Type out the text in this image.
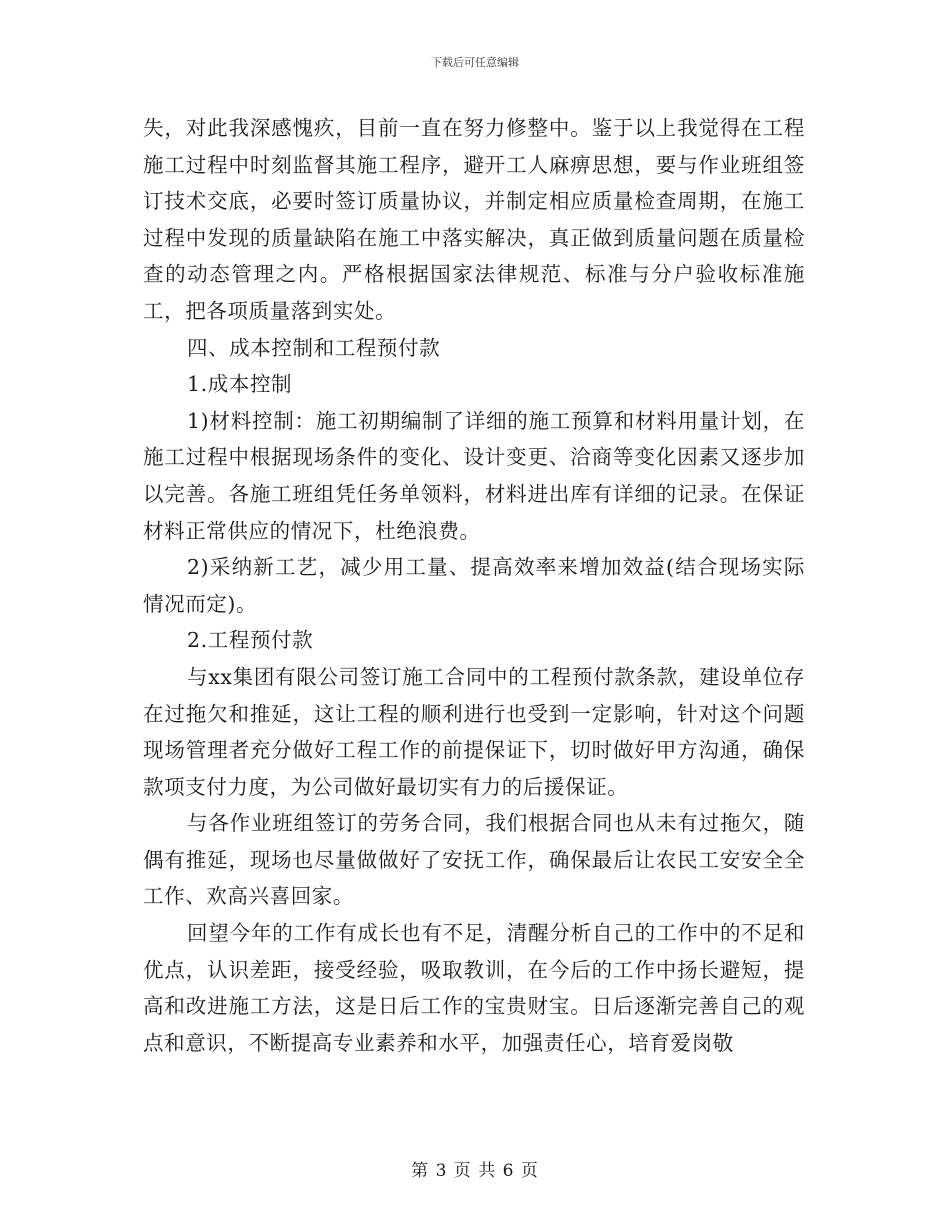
下载后可任意编辑

失，对此我深感愧疚，目前一直在努力修整中。鉴于以上我觉得在工程施工过程中时刻监督其施工程序，避开工人麻痹思想，要与作业班组签订技术交底，必要时签订质量协议，并制定相应质量检查周期，在施工过程中发现的质量缺陷在施工中落实解决，真正做到质量问题在质量检查的动态管理之内。严格根据国家法律规范、标准与分户验收标准施工，把各项质量落到实处。

四、成本控制和工程预付款

1.成本控制

1)材料控制：施工初期编制了详细的施工预算和材料用量计划，在施工过程中根据现场条件的变化、设计变更、洽商等变化因素又逐步加以完善。各施工班组凭任务单领料，材料进出库有详细的记录。在保证材料正常供应的情况下，杜绝浪费。

2)采纳新工艺，减少用工量、提高效率来增加效益(结合现场实际情况而定)。

2.工程预付款

与xx集团有限公司签订施工合同中的工程预付款条款，建设单位存在过拖欠和推延，这让工程的顺利进行也受到一定影响，针对这个问题现场管理者充分做好工程工作的前提保证下，切时做好甲方沟通，确保款项支付力度，为公司做好最切实有力的后援保证。

与各作业班组签订的劳务合同，我们根据合同也从未有过拖欠，随偶有推延，现场也尽量做做好了安抚工作，确保最后让农民工安安全全工作、欢高兴喜回家。

回望今年的工作有成长也有不足，清醒分析自己的工作中的不足和优点，认识差距，接受经验，吸取教训，在今后的工作中扬长避短，提高和改进施工方法，这是日后工作的宝贵财宝。日后逐渐完善自己的观点和意识，不断提高专业素养和水平，加强责任心，培育爱岗敬

第 3 页 共 6 页
